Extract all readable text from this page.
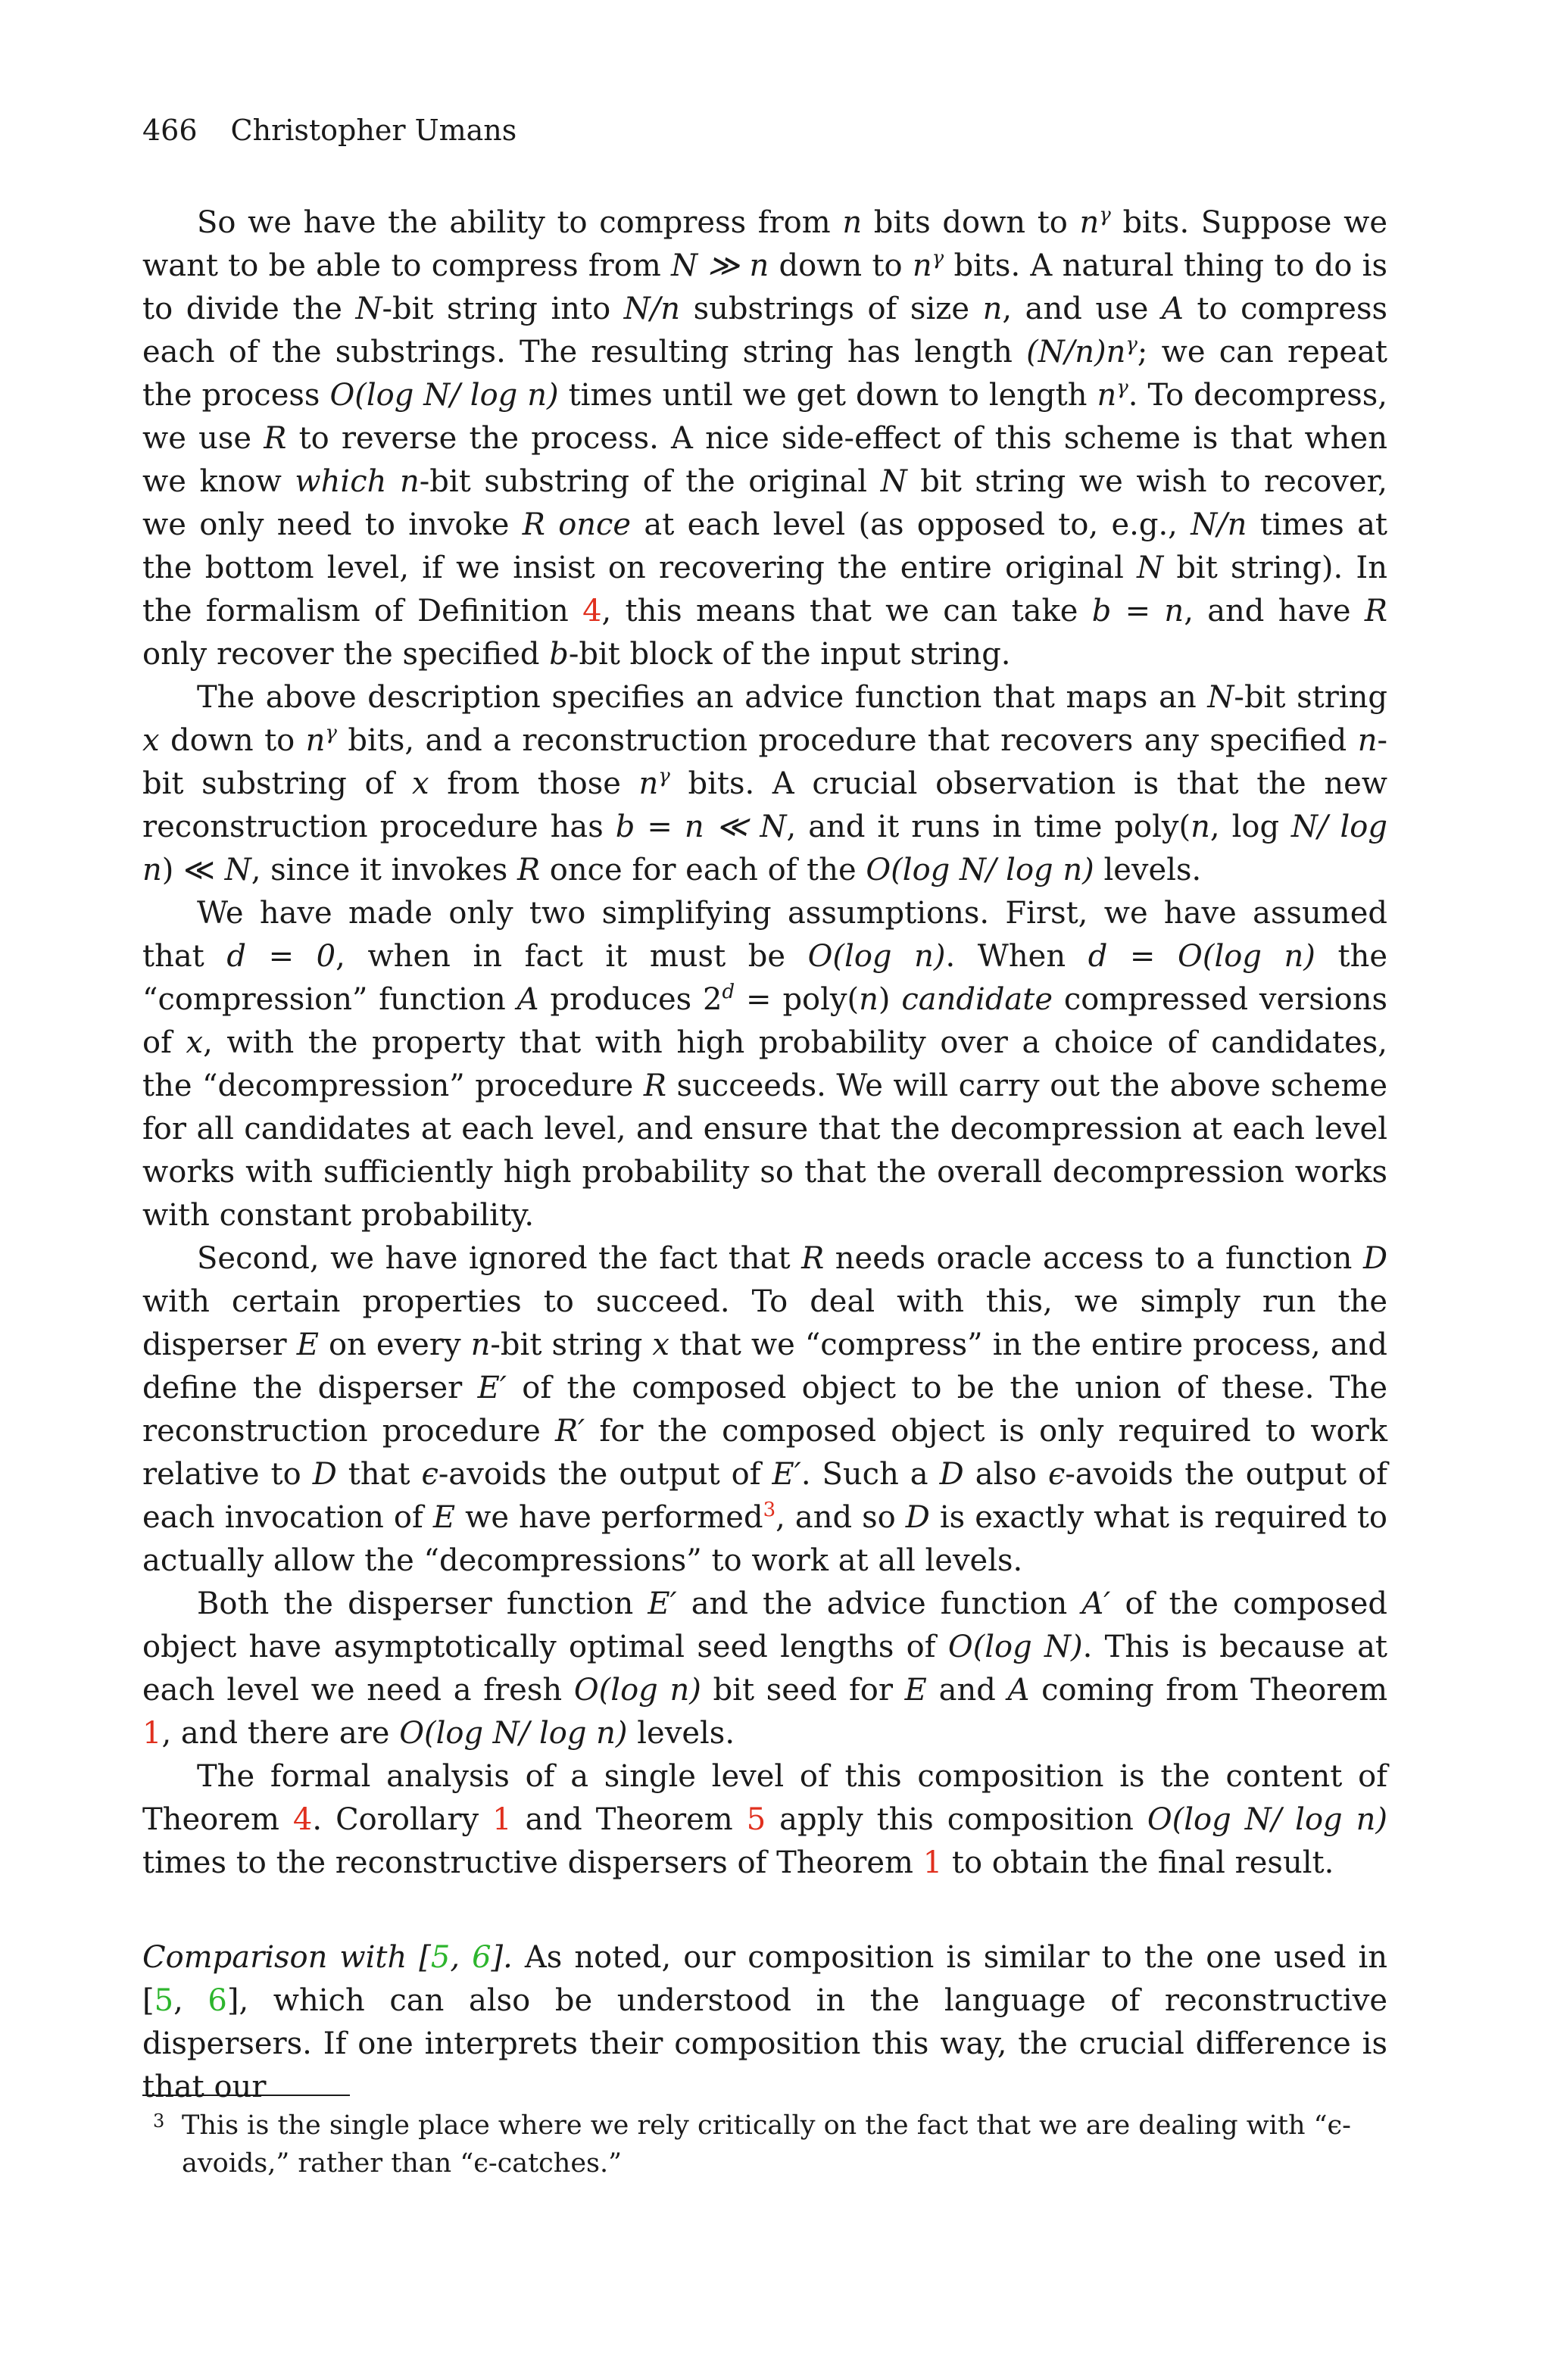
466 Christopher Umans

So we have the ability to compress from n bits down to $n^\gamma$ bits. Suppose we want to be able to compress from N ≫ n down to $n^\gamma$ bits. A natural thing to do is to divide the N-bit string into N/n substrings of size n, and use A to compress each of the substrings. The resulting string has length $(N/n)n^\gamma$; we can repeat the process O(log N/ log n) times until we get down to length $n^\gamma$. To decompress, we use R to reverse the process. A nice side-effect of this scheme is that when we know which n-bit substring of the original N bit string we wish to recover, we only need to invoke R once at each level (as opposed to, e.g., N/n times at the bottom level, if we insist on recovering the entire original N bit string). In the formalism of Definition 4, this means that we can take b = n, and have R only recover the specified b-bit block of the input string.

The above description specifies an advice function that maps an N-bit string x down to $n^\gamma$ bits, and a reconstruction procedure that recovers any specified n-bit substring of x from those $n^\gamma$ bits. A crucial observation is that the new reconstruction procedure has b = n ≪ N, and it runs in time poly(n, log N/ log n) ≪ N, since it invokes R once for each of the O(log N/ log n) levels.

We have made only two simplifying assumptions. First, we have assumed that d = 0, when in fact it must be O(log n). When d = O(log n) the “compression” function A produces $2^d$ = poly(n) candidate compressed versions of x, with the property that with high probability over a choice of candidates, the “decompression” procedure R succeeds. We will carry out the above scheme for all candidates at each level, and ensure that the decompression at each level works with sufficiently high probability so that the overall decompression works with constant probability.

Second, we have ignored the fact that R needs oracle access to a function D with certain properties to succeed. To deal with this, we simply run the disperser E on every n-bit string x that we “compress” in the entire process, and define the disperser E′ of the composed object to be the union of these. The reconstruction procedure R′ for the composed object is only required to work relative to D that ϵ-avoids the output of E′. Such a D also ϵ-avoids the output of each invocation of E we have performed$^3$, and so D is exactly what is required to actually allow the “decompressions” to work at all levels.

Both the disperser function E′ and the advice function A′ of the composed object have asymptotically optimal seed lengths of O(log N). This is because at each level we need a fresh O(log n) bit seed for E and A coming from Theorem 1, and there are O(log N/ log n) levels.

The formal analysis of a single level of this composition is the content of Theorem 4. Corollary 1 and Theorem 5 apply this composition O(log N/ log n) times to the reconstructive dispersers of Theorem 1 to obtain the final result.

Comparison with [5, 6]. As noted, our composition is similar to the one used in [5, 6], which can also be understood in the language of reconstructive dispersers. If one interprets their composition this way, the crucial difference is that our

3 This is the single place where we rely critically on the fact that we are dealing with “ϵ-avoids,” rather than “ϵ-catches.”
